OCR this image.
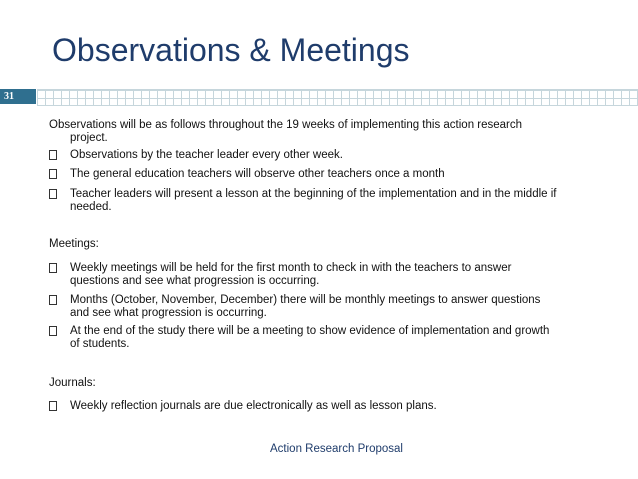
Observations & Meetings
31
Observations will be as follows throughout the 19 weeks of implementing this action research
project.
Observations by the teacher leader every other week.
The general education teachers will observe other teachers once a month
Teacher leaders will present a lesson at the beginning of the implementation and in the middle if
needed.
Meetings:
Weekly meetings will be held for the first month to check in with the teachers to answer
questions and see what progression is occurring.
Months (October, November, December) there will be monthly meetings to answer questions
and see what progression is occurring.
At the end of the study there will be a meeting to show evidence of implementation and growth
of students.
Journals:
Weekly reflection journals are due electronically as well as lesson plans.
Action Research Proposal
